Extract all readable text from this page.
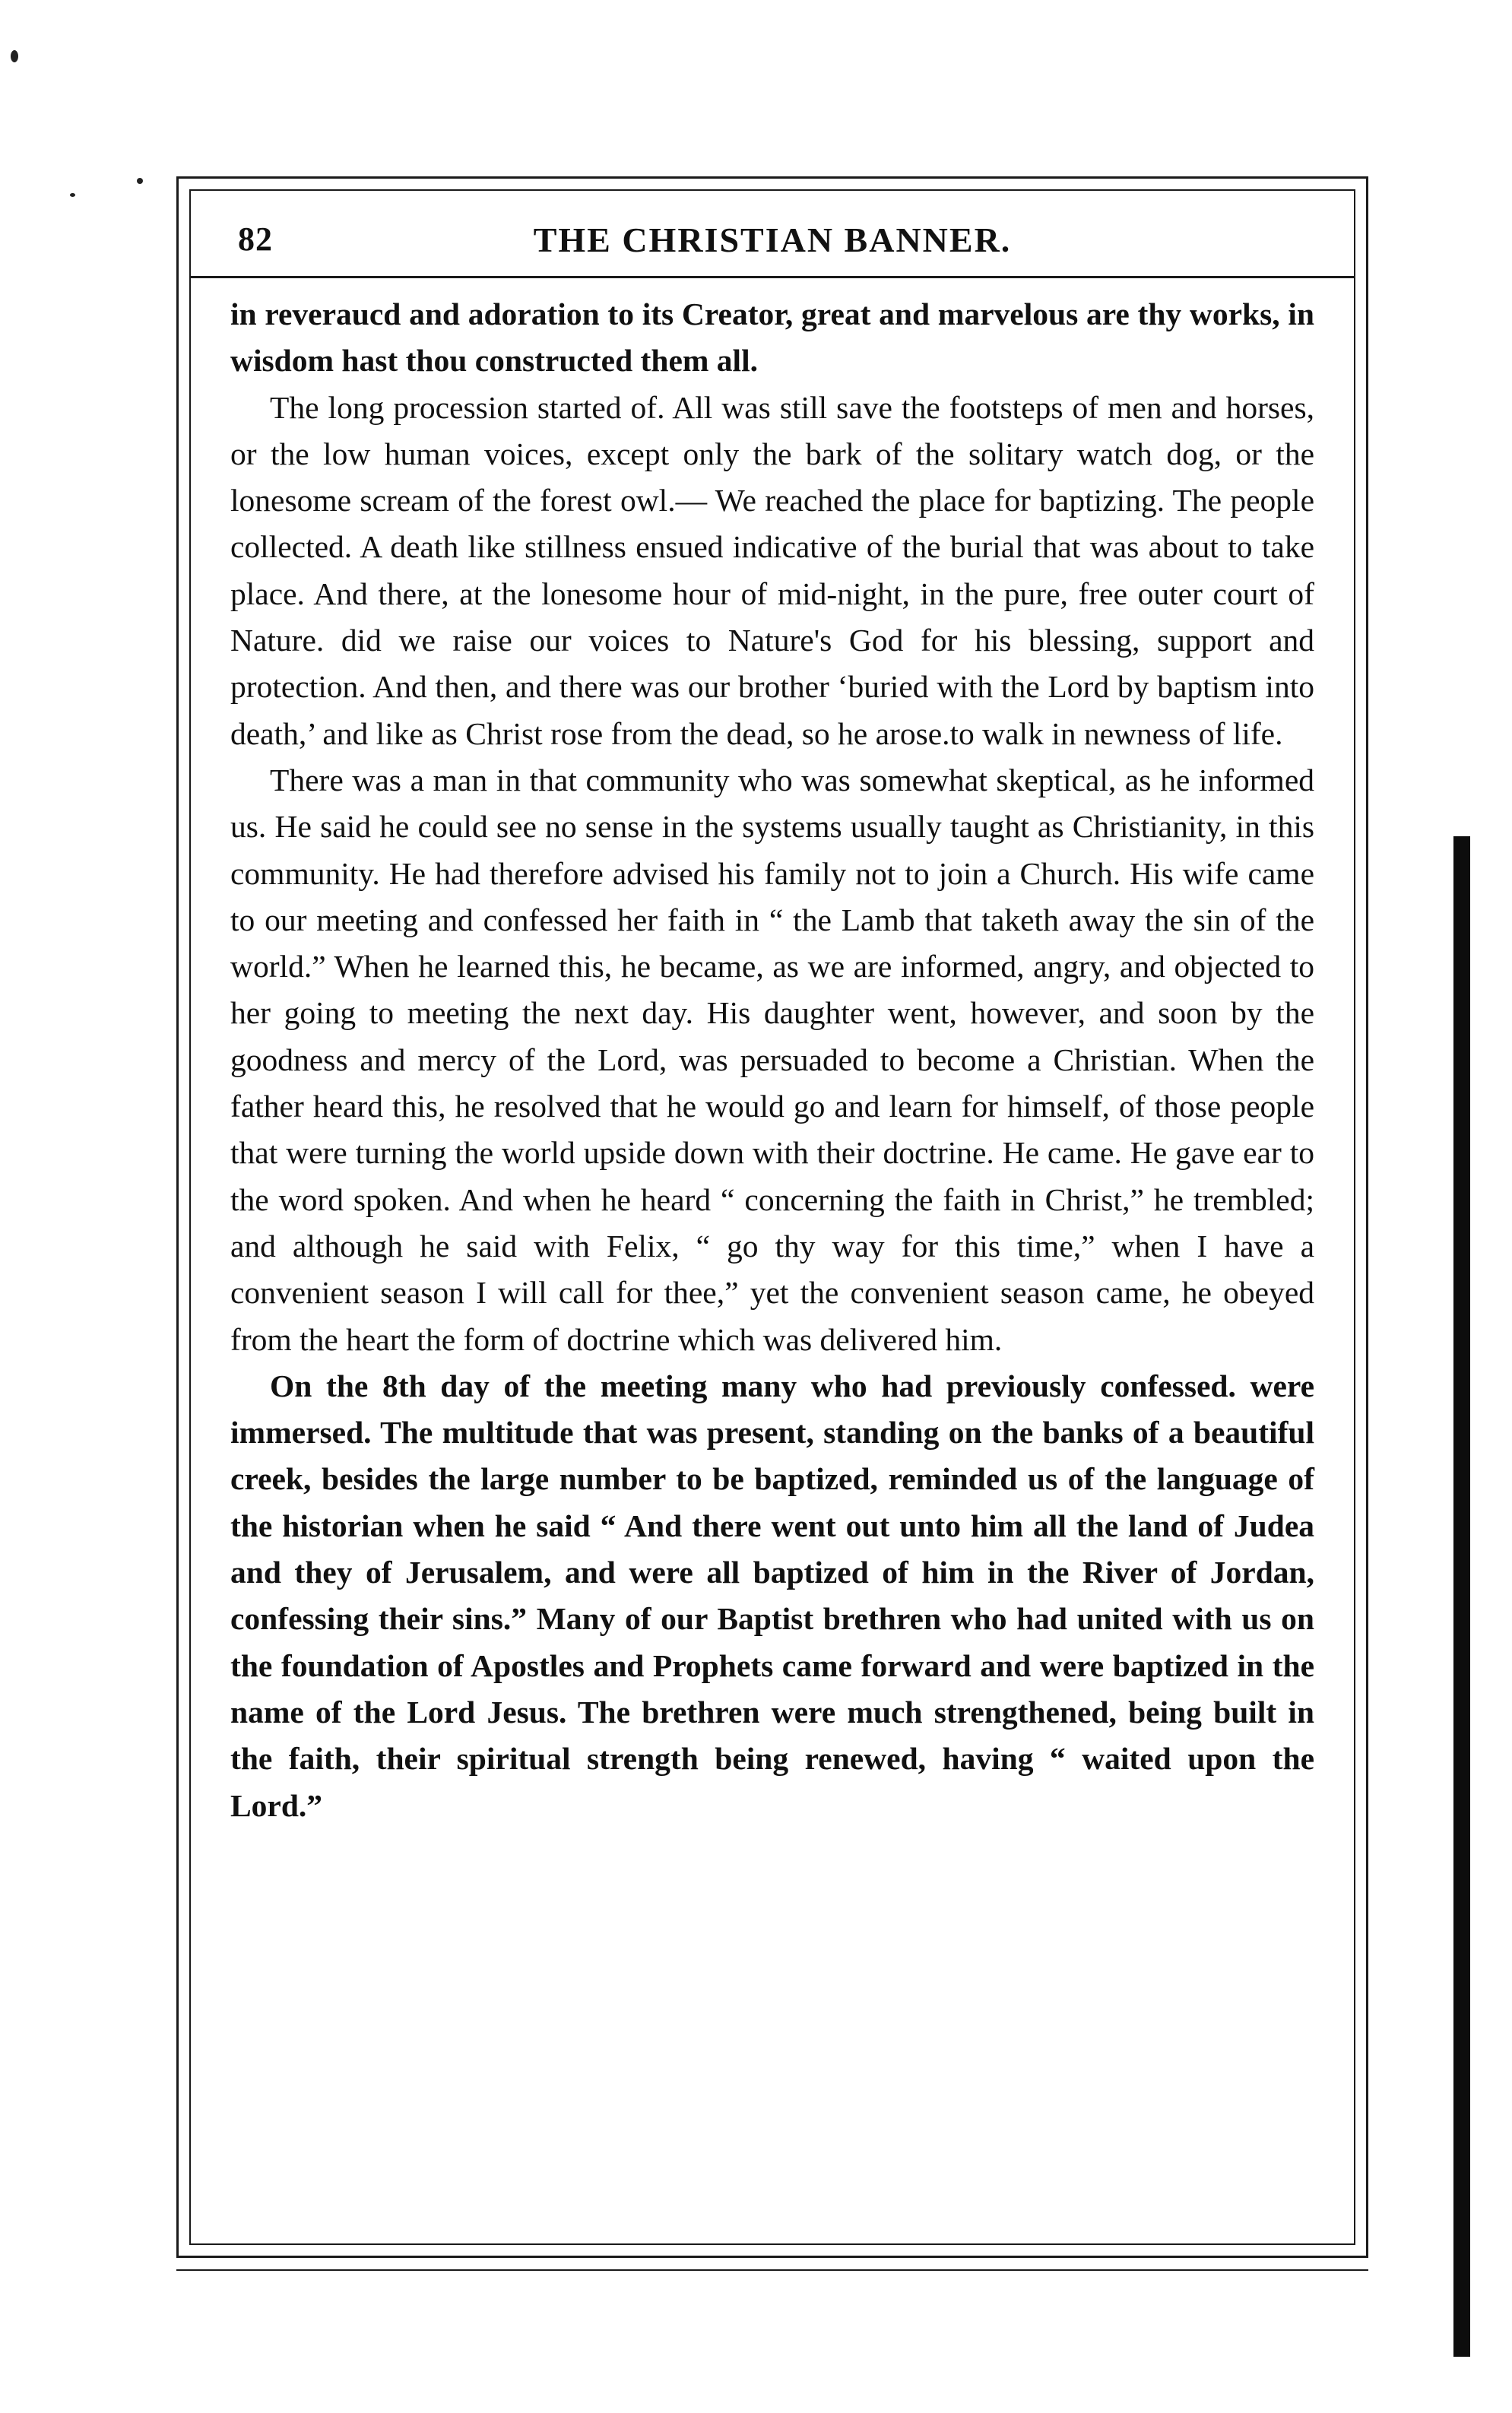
82	THE CHRISTIAN BANNER.

in reveraucd and adoration to its Creator, great and marvelous are thy works, in wisdom hast thou constructed them all.

The long procession started of. All was still save the footsteps of men and horses, or the low human voices, except only the bark of the solitary watch dog, or the lonesome scream of the forest owl.— We reached the place for baptizing. The people collected. A death like stillness ensued indicative of the burial that was about to take place. And there, at the lonesome hour of mid-night, in the pure, free outer court of Nature. did we raise our voices to Nature's God for his blessing, support and protection. And then, and there was our brother ‘buried with the Lord by baptism into death,’ and like as Christ rose from the dead, so he arose.to walk in newness of life.

There was a man in that community who was somewhat skeptical, as he informed us. He said he could see no sense in the systems usually taught as Christianity, in this community. He had therefore advised his family not to join a Church. His wife came to our meeting and confessed her faith in “ the Lamb that taketh away the sin of the world.” When he learned this, he became, as we are informed, angry, and objected to her going to meeting the next day. His daughter went, however, and soon by the goodness and mercy of the Lord, was persuaded to become a Christian. When the father heard this, he resolved that he would go and learn for himself, of those people that were turning the world upside down with their doctrine. He came. He gave ear to the word spoken. And when he heard “ concerning the faith in Christ,” he trembled; and although he said with Felix, “ go thy way for this time,” when I have a convenient season I will call for thee,” yet the convenient season came, he obeyed from the heart the form of doctrine which was delivered him.

On the 8th day of the meeting many who had previously confessed. were immersed. The multitude that was present, standing on the banks of a beautiful creek, besides the large number to be baptized, reminded us of the language of the historian when he said “ And there went out unto him all the land of Judea and they of Jerusalem, and were all baptized of him in the River of Jordan, confessing their sins.” Many of our Baptist brethren who had united with us on the foundation of Apostles and Prophets came forward and were baptized in the name of the Lord Jesus. The brethren were much strengthened, being built in the faith, their spiritual strength being renewed, having “ waited upon the Lord.”
